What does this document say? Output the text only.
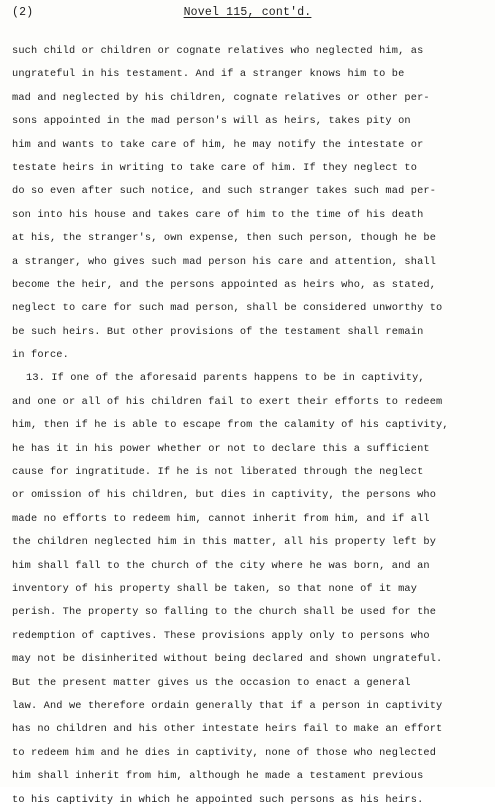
(2)	Novel 115, cont'd.
such child or children or cognate relatives who neglected him, as
ungrateful in his testament. And if a stranger knows him to be
mad and neglected by his children, cognate relatives or other per-
sons appointed in the mad person's will as heirs, takes pity on
him and wants to take care of him, he may notify the intestate or
testate heirs in writing to take care of him. If they neglect to
do so even after such notice, and such stranger takes such mad per-
son into his house and takes care of him to the time of his death
at his, the stranger's, own expense, then such person, though he be
a stranger, who gives such mad person his care and attention, shall
become the heir, and the persons appointed as heirs who, as stated,
neglect to care for such mad person, shall be considered unworthy to
be such heirs. But other provisions of the testament shall remain
in force.
13. If one of the aforesaid parents happens to be in captivity,
and one or all of his children fail to exert their efforts to redeem
him, then if he is able to escape from the calamity of his captivity,
he has it in his power whether or not to declare this a sufficient
cause for ingratitude. If he is not liberated through the neglect
or omission of his children, but dies in captivity, the persons who
made no efforts to redeem him, cannot inherit from him, and if all
the children neglected him in this matter, all his property left by
him shall fall to the church of the city where he was born, and an
inventory of his property shall be taken, so that none of it may
perish. The property so falling to the church shall be used for the
redemption of captives. These provisions apply only to persons who
may not be disinherited without being declared and shown ungrateful.
But the present matter gives us the occasion to enact a general
law. And we therefore ordain generally that if a person in captivity
has no children and his other intestate heirs fail to make an effort
to redeem him and he dies in captivity, none of those who neglected
him shall inherit from him, although he made a testament previous
to his captivity in which he appointed such persons as his heirs.
